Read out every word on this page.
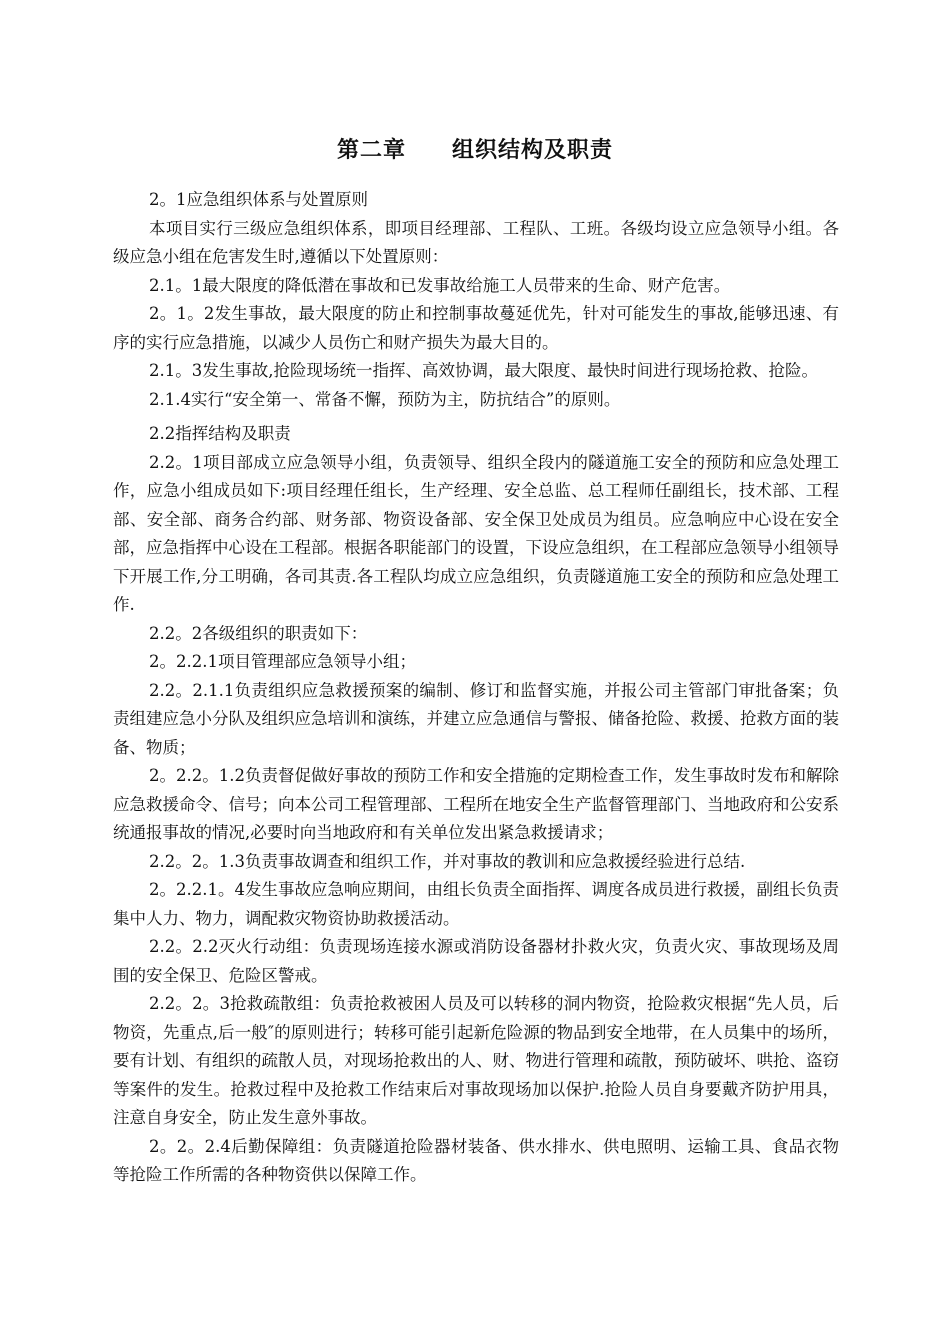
第二章　　组织结构及职责

2。1应急组织体系与处置原则

本项目实行三级应急组织体系，即项目经理部、工程队、工班。各级均设立应急领导小组。各级应急小组在危害发生时,遵循以下处置原则：

2.1。1最大限度的降低潜在事故和已发事故给施工人员带来的生命、财产危害。

2。1。2发生事故，最大限度的防止和控制事故蔓延优先，针对可能发生的事故,能够迅速、有序的实行应急措施，以减少人员伤亡和财产损失为最大目的。

2.1。3发生事故,抢险现场统一指挥、高效协调，最大限度、最快时间进行现场抢救、抢险。

2.1.4实行“安全第一、常备不懈，预防为主，防抗结合”的原则。

2.2指挥结构及职责

2.2。1项目部成立应急领导小组，负责领导、组织全段内的隧道施工安全的预防和应急处理工作，应急小组成员如下:项目经理任组长，生产经理、安全总监、总工程师任副组长，技术部、工程部、安全部、商务合约部、财务部、物资设备部、安全保卫处成员为组员。应急响应中心设在安全部，应急指挥中心设在工程部。根据各职能部门的设置，下设应急组织，在工程部应急领导小组领导下开展工作,分工明确，各司其责.各工程队均成立应急组织，负责隧道施工安全的预防和应急处理工作.

2.2。2各级组织的职责如下：

2。2.2.1项目管理部应急领导小组；

2.2。2.1.1负责组织应急救援预案的编制、修订和监督实施，并报公司主管部门审批备案；负责组建应急小分队及组织应急培训和演练，并建立应急通信与警报、储备抢险、救援、抢救方面的装备、物质；

2。2.2。1.2负责督促做好事故的预防工作和安全措施的定期检查工作，发生事故时发布和解除应急救援命令、信号；向本公司工程管理部、工程所在地安全生产监督管理部门、当地政府和公安系统通报事故的情况,必要时向当地政府和有关单位发出紧急救援请求；

2.2。2。1.3负责事故调查和组织工作，并对事故的教训和应急救援经验进行总结.

2。2.2.1。4发生事故应急响应期间，由组长负责全面指挥、调度各成员进行救援，副组长负责集中人力、物力，调配救灾物资协助救援活动。

2.2。2.2灭火行动组：负责现场连接水源或消防设备器材扑救火灾，负责火灾、事故现场及周围的安全保卫、危险区警戒。

2.2。2。3抢救疏散组：负责抢救被困人员及可以转移的洞内物资，抢险救灾根据“先人员，后物资，先重点,后一般″的原则进行；转移可能引起新危险源的物品到安全地带，在人员集中的场所，要有计划、有组织的疏散人员，对现场抢救出的人、财、物进行管理和疏散，预防破坏、哄抢、盗窃等案件的发生。抢救过程中及抢救工作结束后对事故现场加以保护.抢险人员自身要戴齐防护用具，注意自身安全，防止发生意外事故。

2。2。2.4后勤保障组：负责隧道抢险器材装备、供水排水、供电照明、运输工具、食品衣物等抢险工作所需的各种物资供以保障工作。
